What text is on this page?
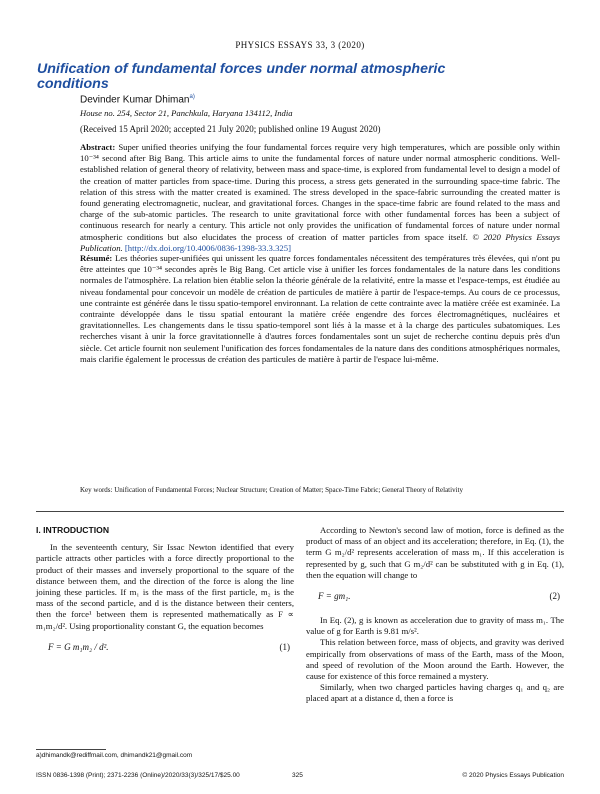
PHYSICS ESSAYS 33, 3 (2020)
Unification of fundamental forces under normal atmospheric conditions
Devinder Kumar Dhiman$^{a)}$
House no. 254, Sector 21, Panchkula, Haryana 134112, India
(Received 15 April 2020; accepted 21 July 2020; published online 19 August 2020)
Abstract: Super unified theories unifying the four fundamental forces require very high temperatures, which are possible only within 10⁻³⁴ second after Big Bang. This article aims to unite the fundamental forces of nature under normal atmospheric conditions. Well-established relation of general theory of relativity, between mass and space-time, is explored from fundamental level to design a model of the creation of matter particles from space-time. During this process, a stress gets generated in the surrounding space-time fabric. The relation of this stress with the matter created is examined. The stress developed in the space-fabric surrounding the created matter is found generating electromagnetic, nuclear, and gravitational forces. Changes in the space-time fabric are found related to the mass and charge of the sub-atomic particles. The research to unite gravitational force with other fundamental forces has been a subject of continuous research for nearly a century. This article not only provides the unification of fundamental forces of nature under normal atmospheric conditions but also elucidates the process of creation of matter particles from space itself. © 2020 Physics Essays Publication. [http://dx.doi.org/10.4006/0836-1398-33.3.325]
Résumé: Les théories super-unifiées qui unissent les quatre forces fondamentales nécessitent des températures très élevées, qui n'ont pu être atteintes que 10⁻³⁴ secondes après le Big Bang. Cet article vise à unifier les forces fondamentales de la nature dans les conditions normales de l'atmosphère. La relation bien établie selon la théorie générale de la relativité, entre la masse et l'espace-temps, est étudiée au niveau fondamental pour concevoir un modèle de création de particules de matière à partir de l'espace-temps. Au cours de ce processus, une contrainte est générée dans le tissu spatio-temporel environnant. La relation de cette contrainte avec la matière créée est examinée. La contrainte développée dans le tissu spatial entourant la matière créée engendre des forces électromagnétiques, nucléaires et gravitationnelles. Les changements dans le tissu spatio-temporel sont liés à la masse et à la charge des particules subatomiques. Les recherches visant à unir la force gravitationnelle à d'autres forces fondamentales sont un sujet de recherche continu depuis près d'un siècle. Cet article fournit non seulement l'unification des forces fondamentales de la nature dans des conditions atmosphériques normales, mais clarifie également le processus de création des particules de matière à partir de l'espace lui-même.
Key words: Unification of Fundamental Forces; Nuclear Structure; Creation of Matter; Space-Time Fabric; General Theory of Relativity
I. INTRODUCTION

In the seventeenth century, Sir Issac Newton identified that every particle attracts other particles with a force directly proportional to the product of their masses and inversely proportional to the square of the distance between them, and the direction of the force is along the line joining these particles. If m₁ is the mass of the first particle, m₂ is the mass of the second particle, and d is the distance between their centers, then the force¹ between them is represented mathematically as F ∝ m₁m₂/d². Using proportionality constant G, the equation becomes

F = G m₁m₂ / d².	(1)

According to Newton's second law of motion, force is defined as the product of mass of an object and its acceleration; therefore, in Eq. (1), the term G m₂/d² represents acceleration of mass m₁. If this acceleration is represented by g, such that G m₂/d² can be substituted with g in Eq. (1), then the equation will change to

F = gm₁.	(2)

In Eq. (2), g is known as acceleration due to gravity of mass m₁. The value of g for Earth is 9.81 m/s².

This relation between force, mass of objects, and gravity was derived empirically from observations of mass of the Earth, mass of the Moon, and speed of revolution of the Moon around the Earth. However, the cause for existence of this force remained a mystery.

Similarly, when two charged particles having charges q₁ and q₂ are placed apart at a distance d, then a force is

a)dhimandk@rediffmail.com, dhimandk21@gmail.com
ISSN 0836-1398 (Print); 2371-2236 (Online)/2020/33(3)/325/17/$25.00	325	© 2020 Physics Essays Publication
